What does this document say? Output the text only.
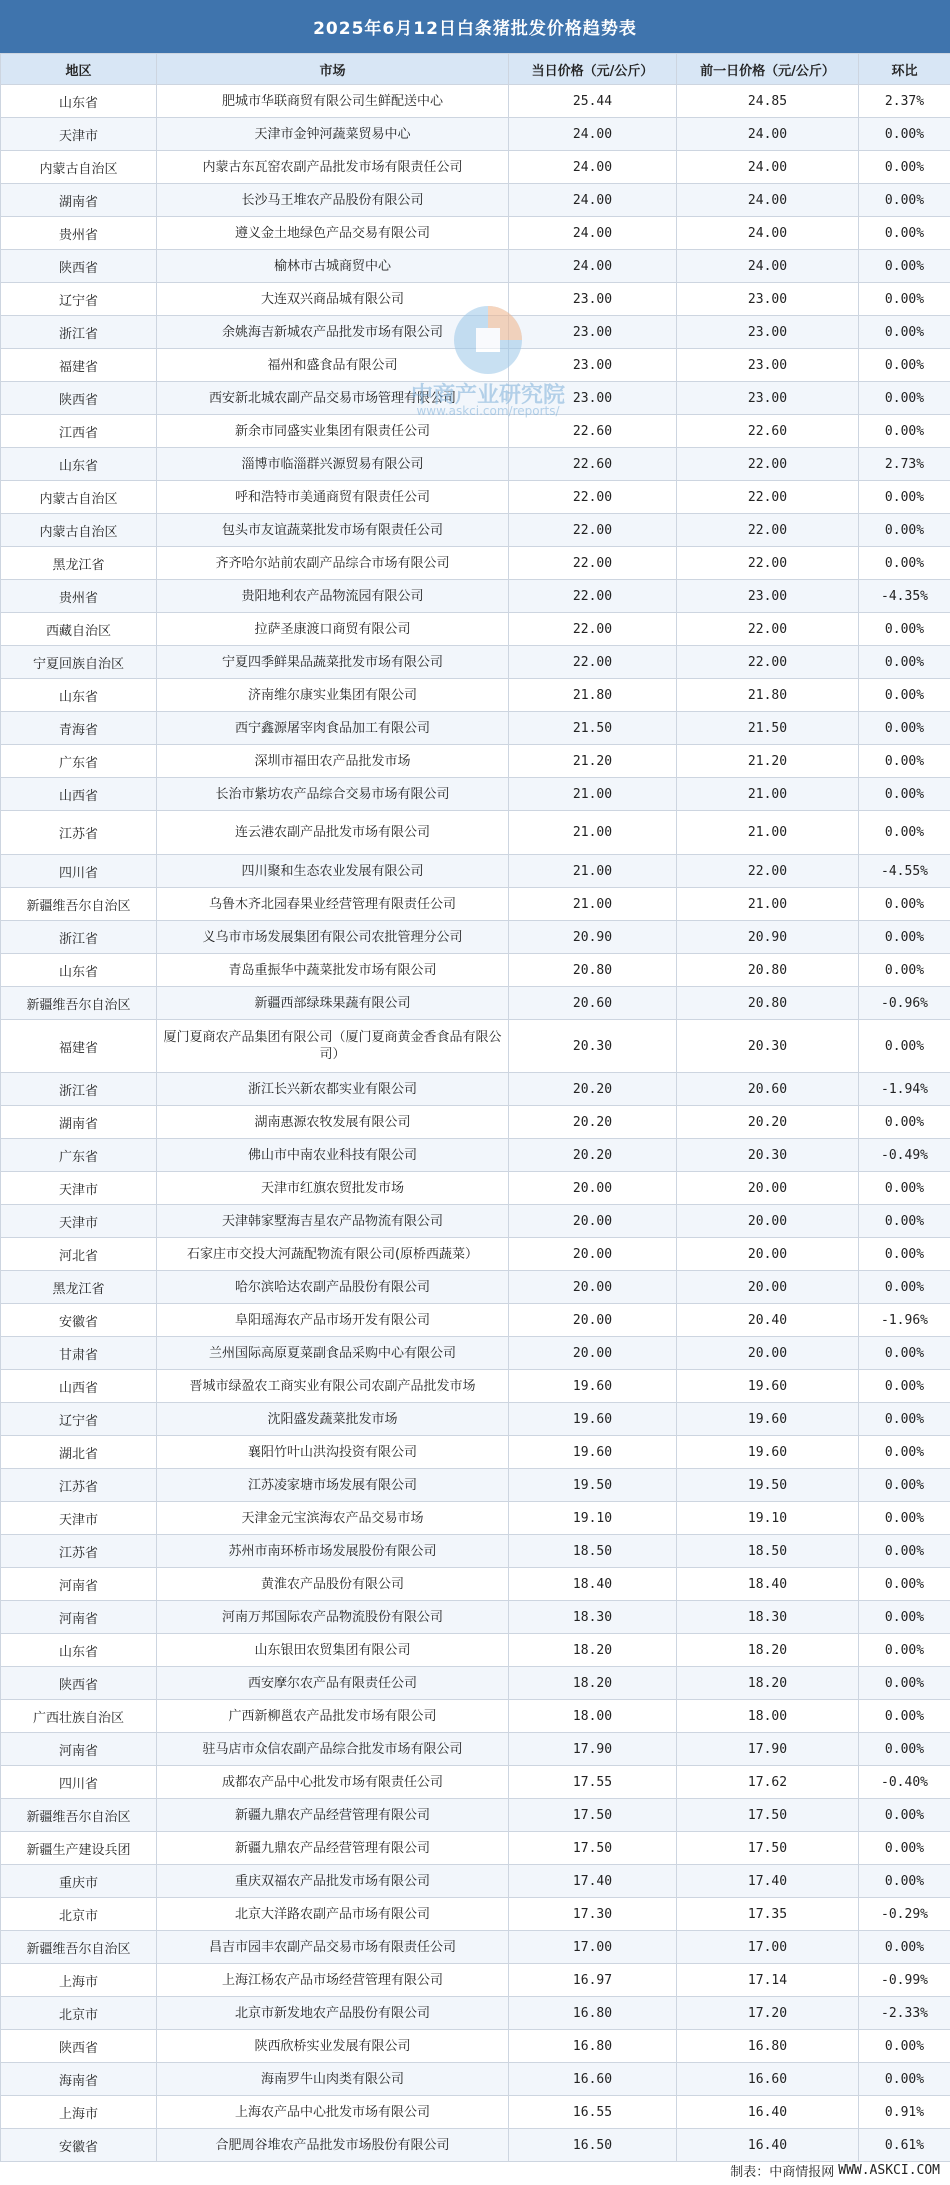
2025年6月12日白条猪批发价格趋势表
地区	市场	当日价格（元/公斤）	前一日价格（元/公斤）	环比
山东省	肥城市华联商贸有限公司生鲜配送中心	25.44	24.85	2.37%
天津市	天津市金钟河蔬菜贸易中心	24.00	24.00	0.00%
内蒙古自治区	内蒙古东瓦窑农副产品批发市场有限责任公司	24.00	24.00	0.00%
湖南省	长沙马王堆农产品股份有限公司	24.00	24.00	0.00%
贵州省	遵义金土地绿色产品交易有限公司	24.00	24.00	0.00%
陕西省	榆林市古城商贸中心	24.00	24.00	0.00%
辽宁省	大连双兴商品城有限公司	23.00	23.00	0.00%
浙江省	余姚海吉新城农产品批发市场有限公司	23.00	23.00	0.00%
福建省	福州和盛食品有限公司	23.00	23.00	0.00%
陕西省	西安新北城农副产品交易市场管理有限公司	23.00	23.00	0.00%
江西省	新余市同盛实业集团有限责任公司	22.60	22.60	0.00%
山东省	淄博市临淄群兴源贸易有限公司	22.60	22.00	2.73%
内蒙古自治区	呼和浩特市美通商贸有限责任公司	22.00	22.00	0.00%
内蒙古自治区	包头市友谊蔬菜批发市场有限责任公司	22.00	22.00	0.00%
黑龙江省	齐齐哈尔站前农副产品综合市场有限公司	22.00	22.00	0.00%
贵州省	贵阳地利农产品物流园有限公司	22.00	23.00	-4.35%
西藏自治区	拉萨圣康渡口商贸有限公司	22.00	22.00	0.00%
宁夏回族自治区	宁夏四季鲜果品蔬菜批发市场有限公司	22.00	22.00	0.00%
山东省	济南维尔康实业集团有限公司	21.80	21.80	0.00%
青海省	西宁鑫源屠宰肉食品加工有限公司	21.50	21.50	0.00%
广东省	深圳市福田农产品批发市场	21.20	21.20	0.00%
山西省	长治市紫坊农产品综合交易市场有限公司	21.00	21.00	0.00%
江苏省	连云港农副产品批发市场有限公司	21.00	21.00	0.00%
四川省	四川聚和生态农业发展有限公司	21.00	22.00	-4.55%
新疆维吾尔自治区	乌鲁木齐北园春果业经营管理有限责任公司	21.00	21.00	0.00%
浙江省	义乌市市场发展集团有限公司农批管理分公司	20.90	20.90	0.00%
山东省	青岛重振华中蔬菜批发市场有限公司	20.80	20.80	0.00%
新疆维吾尔自治区	新疆西部绿珠果蔬有限公司	20.60	20.80	-0.96%
福建省	厦门夏商农产品集团有限公司（厦门夏商黄金香食品有限公司）	20.30	20.30	0.00%
浙江省	浙江长兴新农都实业有限公司	20.20	20.60	-1.94%
湖南省	湖南惠源农牧发展有限公司	20.20	20.20	0.00%
广东省	佛山市中南农业科技有限公司	20.20	20.30	-0.49%
天津市	天津市红旗农贸批发市场	20.00	20.00	0.00%
天津市	天津韩家墅海吉星农产品物流有限公司	20.00	20.00	0.00%
河北省	石家庄市交投大河蔬配物流有限公司(原桥西蔬菜）	20.00	20.00	0.00%
黑龙江省	哈尔滨哈达农副产品股份有限公司	20.00	20.00	0.00%
安徽省	阜阳瑶海农产品市场开发有限公司	20.00	20.40	-1.96%
甘肃省	兰州国际高原夏菜副食品采购中心有限公司	20.00	20.00	0.00%
山西省	晋城市绿盈农工商实业有限公司农副产品批发市场	19.60	19.60	0.00%
辽宁省	沈阳盛发蔬菜批发市场	19.60	19.60	0.00%
湖北省	襄阳竹叶山洪沟投资有限公司	19.60	19.60	0.00%
江苏省	江苏凌家塘市场发展有限公司	19.50	19.50	0.00%
天津市	天津金元宝滨海农产品交易市场	19.10	19.10	0.00%
江苏省	苏州市南环桥市场发展股份有限公司	18.50	18.50	0.00%
河南省	黄淮农产品股份有限公司	18.40	18.40	0.00%
河南省	河南万邦国际农产品物流股份有限公司	18.30	18.30	0.00%
山东省	山东银田农贸集团有限公司	18.20	18.20	0.00%
陕西省	西安摩尔农产品有限责任公司	18.20	18.20	0.00%
广西壮族自治区	广西新柳邕农产品批发市场有限公司	18.00	18.00	0.00%
河南省	驻马店市众信农副产品综合批发市场有限公司	17.90	17.90	0.00%
四川省	成都农产品中心批发市场有限责任公司	17.55	17.62	-0.40%
新疆维吾尔自治区	新疆九鼎农产品经营管理有限公司	17.50	17.50	0.00%
新疆生产建设兵团	新疆九鼎农产品经营管理有限公司	17.50	17.50	0.00%
重庆市	重庆双福农产品批发市场有限公司	17.40	17.40	0.00%
北京市	北京大洋路农副产品市场有限公司	17.30	17.35	-0.29%
新疆维吾尔自治区	昌吉市园丰农副产品交易市场有限责任公司	17.00	17.00	0.00%
上海市	上海江杨农产品市场经营管理有限公司	16.97	17.14	-0.99%
北京市	北京市新发地农产品股份有限公司	16.80	17.20	-2.33%
陕西省	陕西欣桥实业发展有限公司	16.80	16.80	0.00%
海南省	海南罗牛山肉类有限公司	16.60	16.60	0.00%
上海市	上海农产品中心批发市场有限公司	16.55	16.40	0.91%
安徽省	合肥周谷堆农产品批发市场股份有限公司	16.50	16.40	0.61%
中商产业研究院
www.askci.com/reports/
制表：中商情报网 WWW.ASKCI.COM
